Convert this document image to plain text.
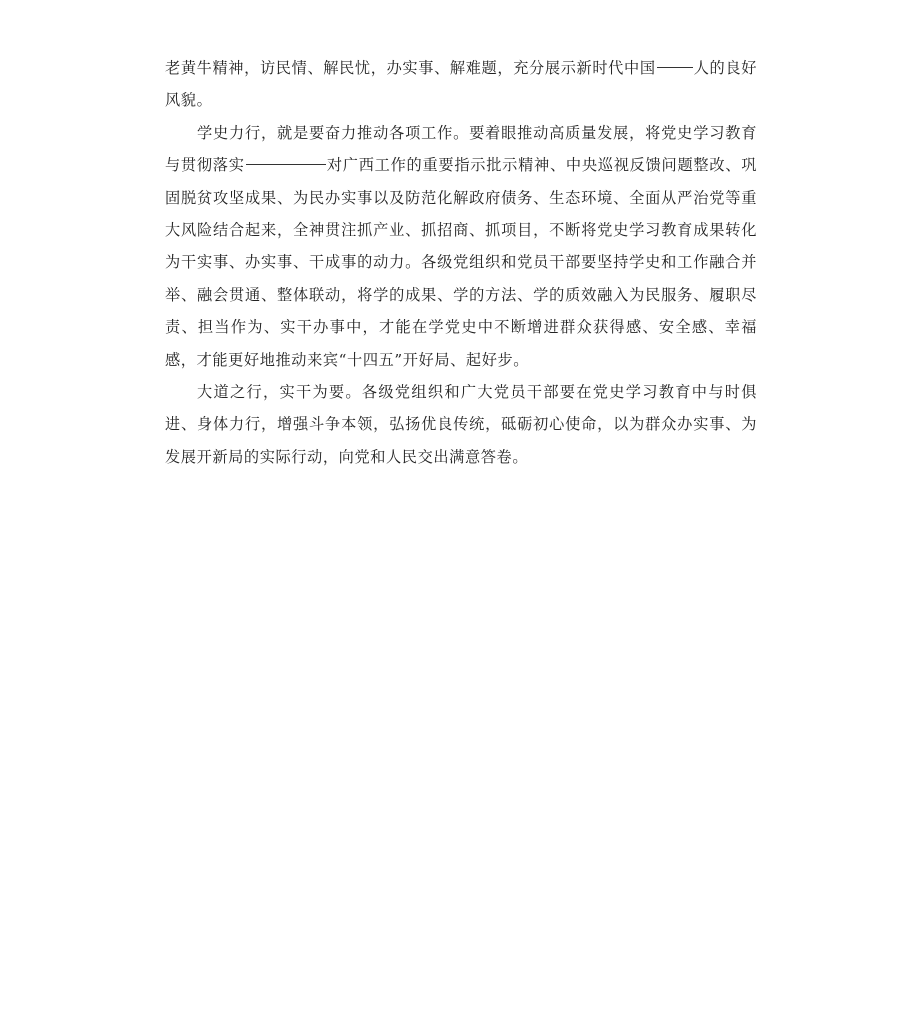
老黄牛精神，访民情、解民忧，办实事、解难题，充分展示新时代中国	人的良好风貌。

学史力行，就是要奋力推动各项工作。要着眼推动高质量发展，将党史学习教育与贯彻落实	对广西工作的重要指示批示精神、中央巡视反馈问题整改、巩固脱贫攻坚成果、为民办实事以及防范化解政府债务、生态环境、全面从严治党等重大风险结合起来，全神贯注抓产业、抓招商、抓项目，不断将党史学习教育成果转化为干实事、办实事、干成事的动力。各级党组织和党员干部要坚持学史和工作融合并举、融会贯通、整体联动，将学的成果、学的方法、学的质效融入为民服务、履职尽责、担当作为、实干办事中，才能在学党史中不断增进群众获得感、安全感、幸福感，才能更好地推动来宾“十四五”开好局、起好步。

大道之行，实干为要。各级党组织和广大党员干部要在党史学习教育中与时俱进、身体力行，增强斗争本领，弘扬优良传统，砥砺初心使命，以为群众办实事、为发展开新局的实际行动，向党和人民交出满意答卷。
